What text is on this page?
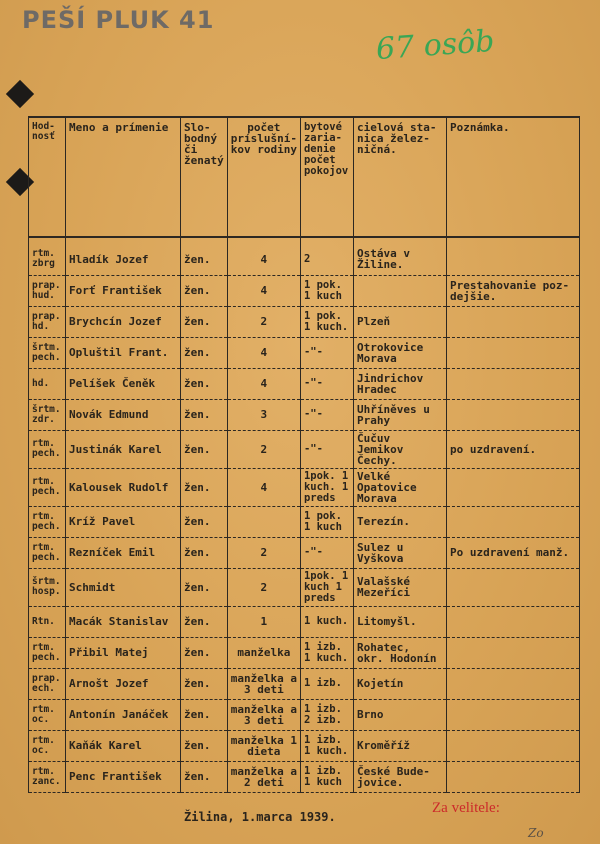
PEŠÍ PLUK 41
67 osôb
Hod-nosť	Meno a prímenie	Slo-bodný či ženatý	počet príslušní-kov rodiny	bytové zaria-denie počet pokojov	cielová sta-nica želez-ničná.	Poznámka.

rtm. zbrg	Hladík Jozef	žen.	4	2	Ostáva v Žiline.	
prap. hud.	Forť František	žen.	4	1 pok. 1 kuch		Prestahovanie poz-dejšie.
prap. hd.	Brychcín Jozef	žen.	2	1 pok. 1 kuch.	Plzeň	
šrtm. pech.	Opluštil Frant.	žen.	4	-"-	Otrokovice Morava	
hd.	Pelíšek Čeněk	žen.	4	-"-	Jindrichov Hradec	
šrtm. zdr.	Novák Edmund	žen.	3	-"-	Uhříněves u Prahy	
rtm. pech.	Justinák Karel	žen.	2	-"-	Čučuv Jemikov Čechy.	po uzdravení.
rtm. pech.	Kalousek Rudolf	žen.	4	1pok. 1 kuch. 1 preds	Velké Opatovice Morava	
rtm. pech.	Kríž Pavel	žen.		1 pok. 1 kuch	Terezín.	
rtm. pech.	Rezníček Emil	žen.	2	-"-	Sulez u Vyškova	Po uzdravení manž.
šrtm. hosp.	Schmidt	žen.	2	1pok. 1 kuch 1 preds	Valašské Mezeříci	
Rtn.	Macák Stanislav	žen.	1	1 kuch.	Litomyšl.	
rtm. pech.	Přibil Matej	žen.	manželka	1 izb. 1 kuch.	Rohatec, okr. Hodonín	
prap. ech.	Arnošt Jozef	žen.	manželka a 3 deti	1 izb.	Kojetín	
rtm. oc.	Antonín Janáček	žen.	manželka a 3 deti	1 izb. 2 izb.	Brno	
rtm. oc.	Kaňák Karel	žen.	manželka 1 dieta	1 izb. 1 kuch.	Kroměříž	
rtm. zanc.	Penc František	žen.	manželka a 2 deti	1 izb. 1 kuch	České Bude-jovice.	
Žilina, 1.marca 1939.
Za velitele:
Zo
